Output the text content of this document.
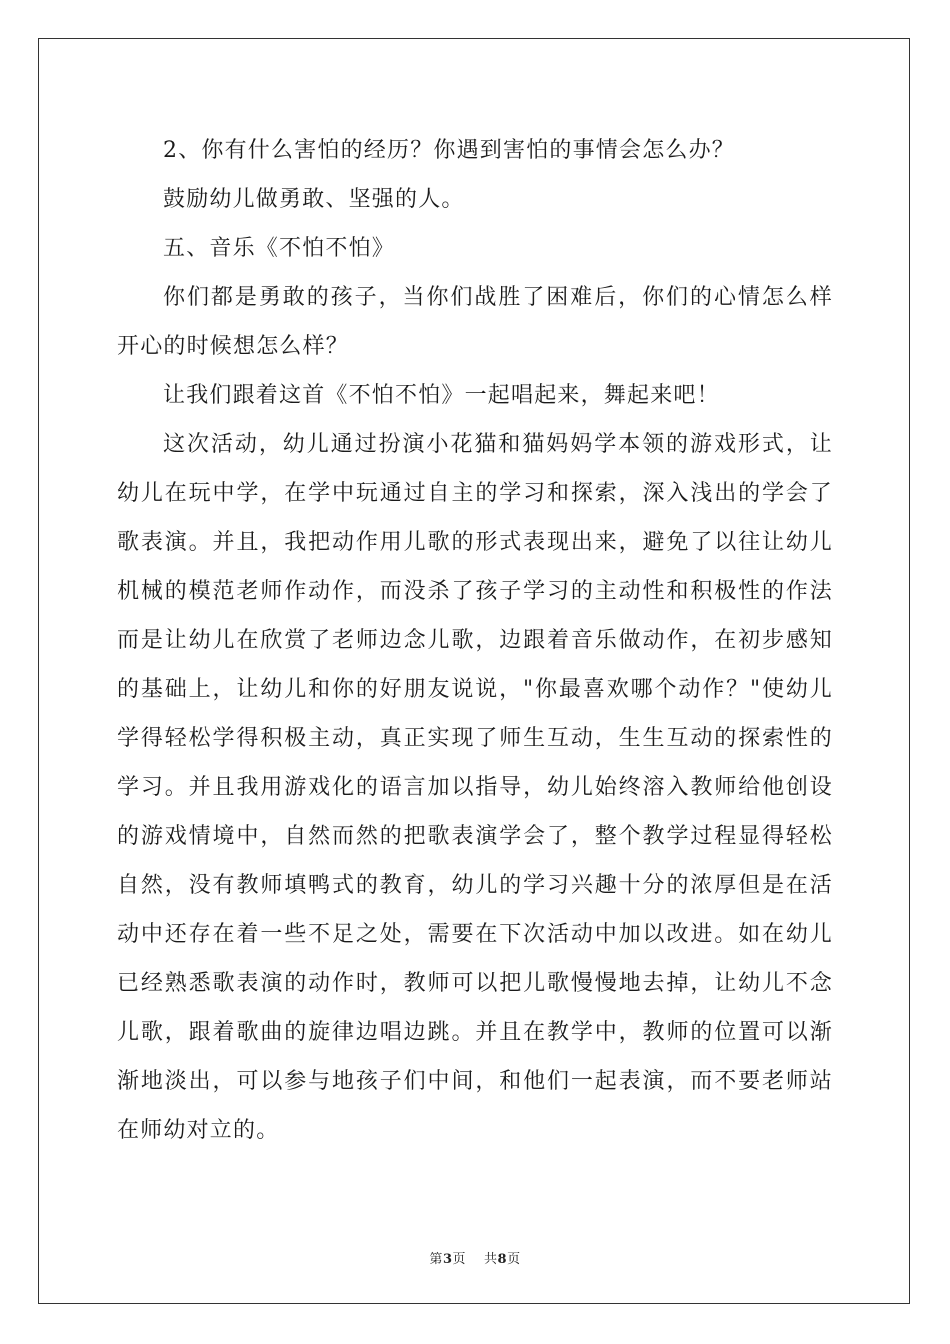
2、你有什么害怕的经历？你遇到害怕的事情会怎么办？
鼓励幼儿做勇敢、坚强的人。
五、音乐《不怕不怕》
你们都是勇敢的孩子，当你们战胜了困难后，你们的心情怎么样
开心的时候想怎么样？
让我们跟着这首《不怕不怕》一起唱起来，舞起来吧！
这次活动，幼儿通过扮演小花猫和猫妈妈学本领的游戏形式，让
幼儿在玩中学，在学中玩通过自主的学习和探索，深入浅出的学会了
歌表演。并且，我把动作用儿歌的形式表现出来，避免了以往让幼儿
机械的模范老师作动作，而没杀了孩子学习的主动性和积极性的作法
而是让幼儿在欣赏了老师边念儿歌，边跟着音乐做动作，在初步感知
的基础上，让幼儿和你的好朋友说说，"你最喜欢哪个动作？"使幼儿
学得轻松学得积极主动，真正实现了师生互动，生生互动的探索性的
学习。并且我用游戏化的语言加以指导，幼儿始终溶入教师给他创设
的游戏情境中，自然而然的把歌表演学会了，整个教学过程显得轻松
自然，没有教师填鸭式的教育，幼儿的学习兴趣十分的浓厚但是在活
动中还存在着一些不足之处，需要在下次活动中加以改进。如在幼儿
已经熟悉歌表演的动作时，教师可以把儿歌慢慢地去掉，让幼儿不念
儿歌，跟着歌曲的旋律边唱边跳。并且在教学中，教师的位置可以渐
渐地淡出，可以参与地孩子们中间，和他们一起表演，而不要老师站
在师幼对立的。
第3页 共8页
